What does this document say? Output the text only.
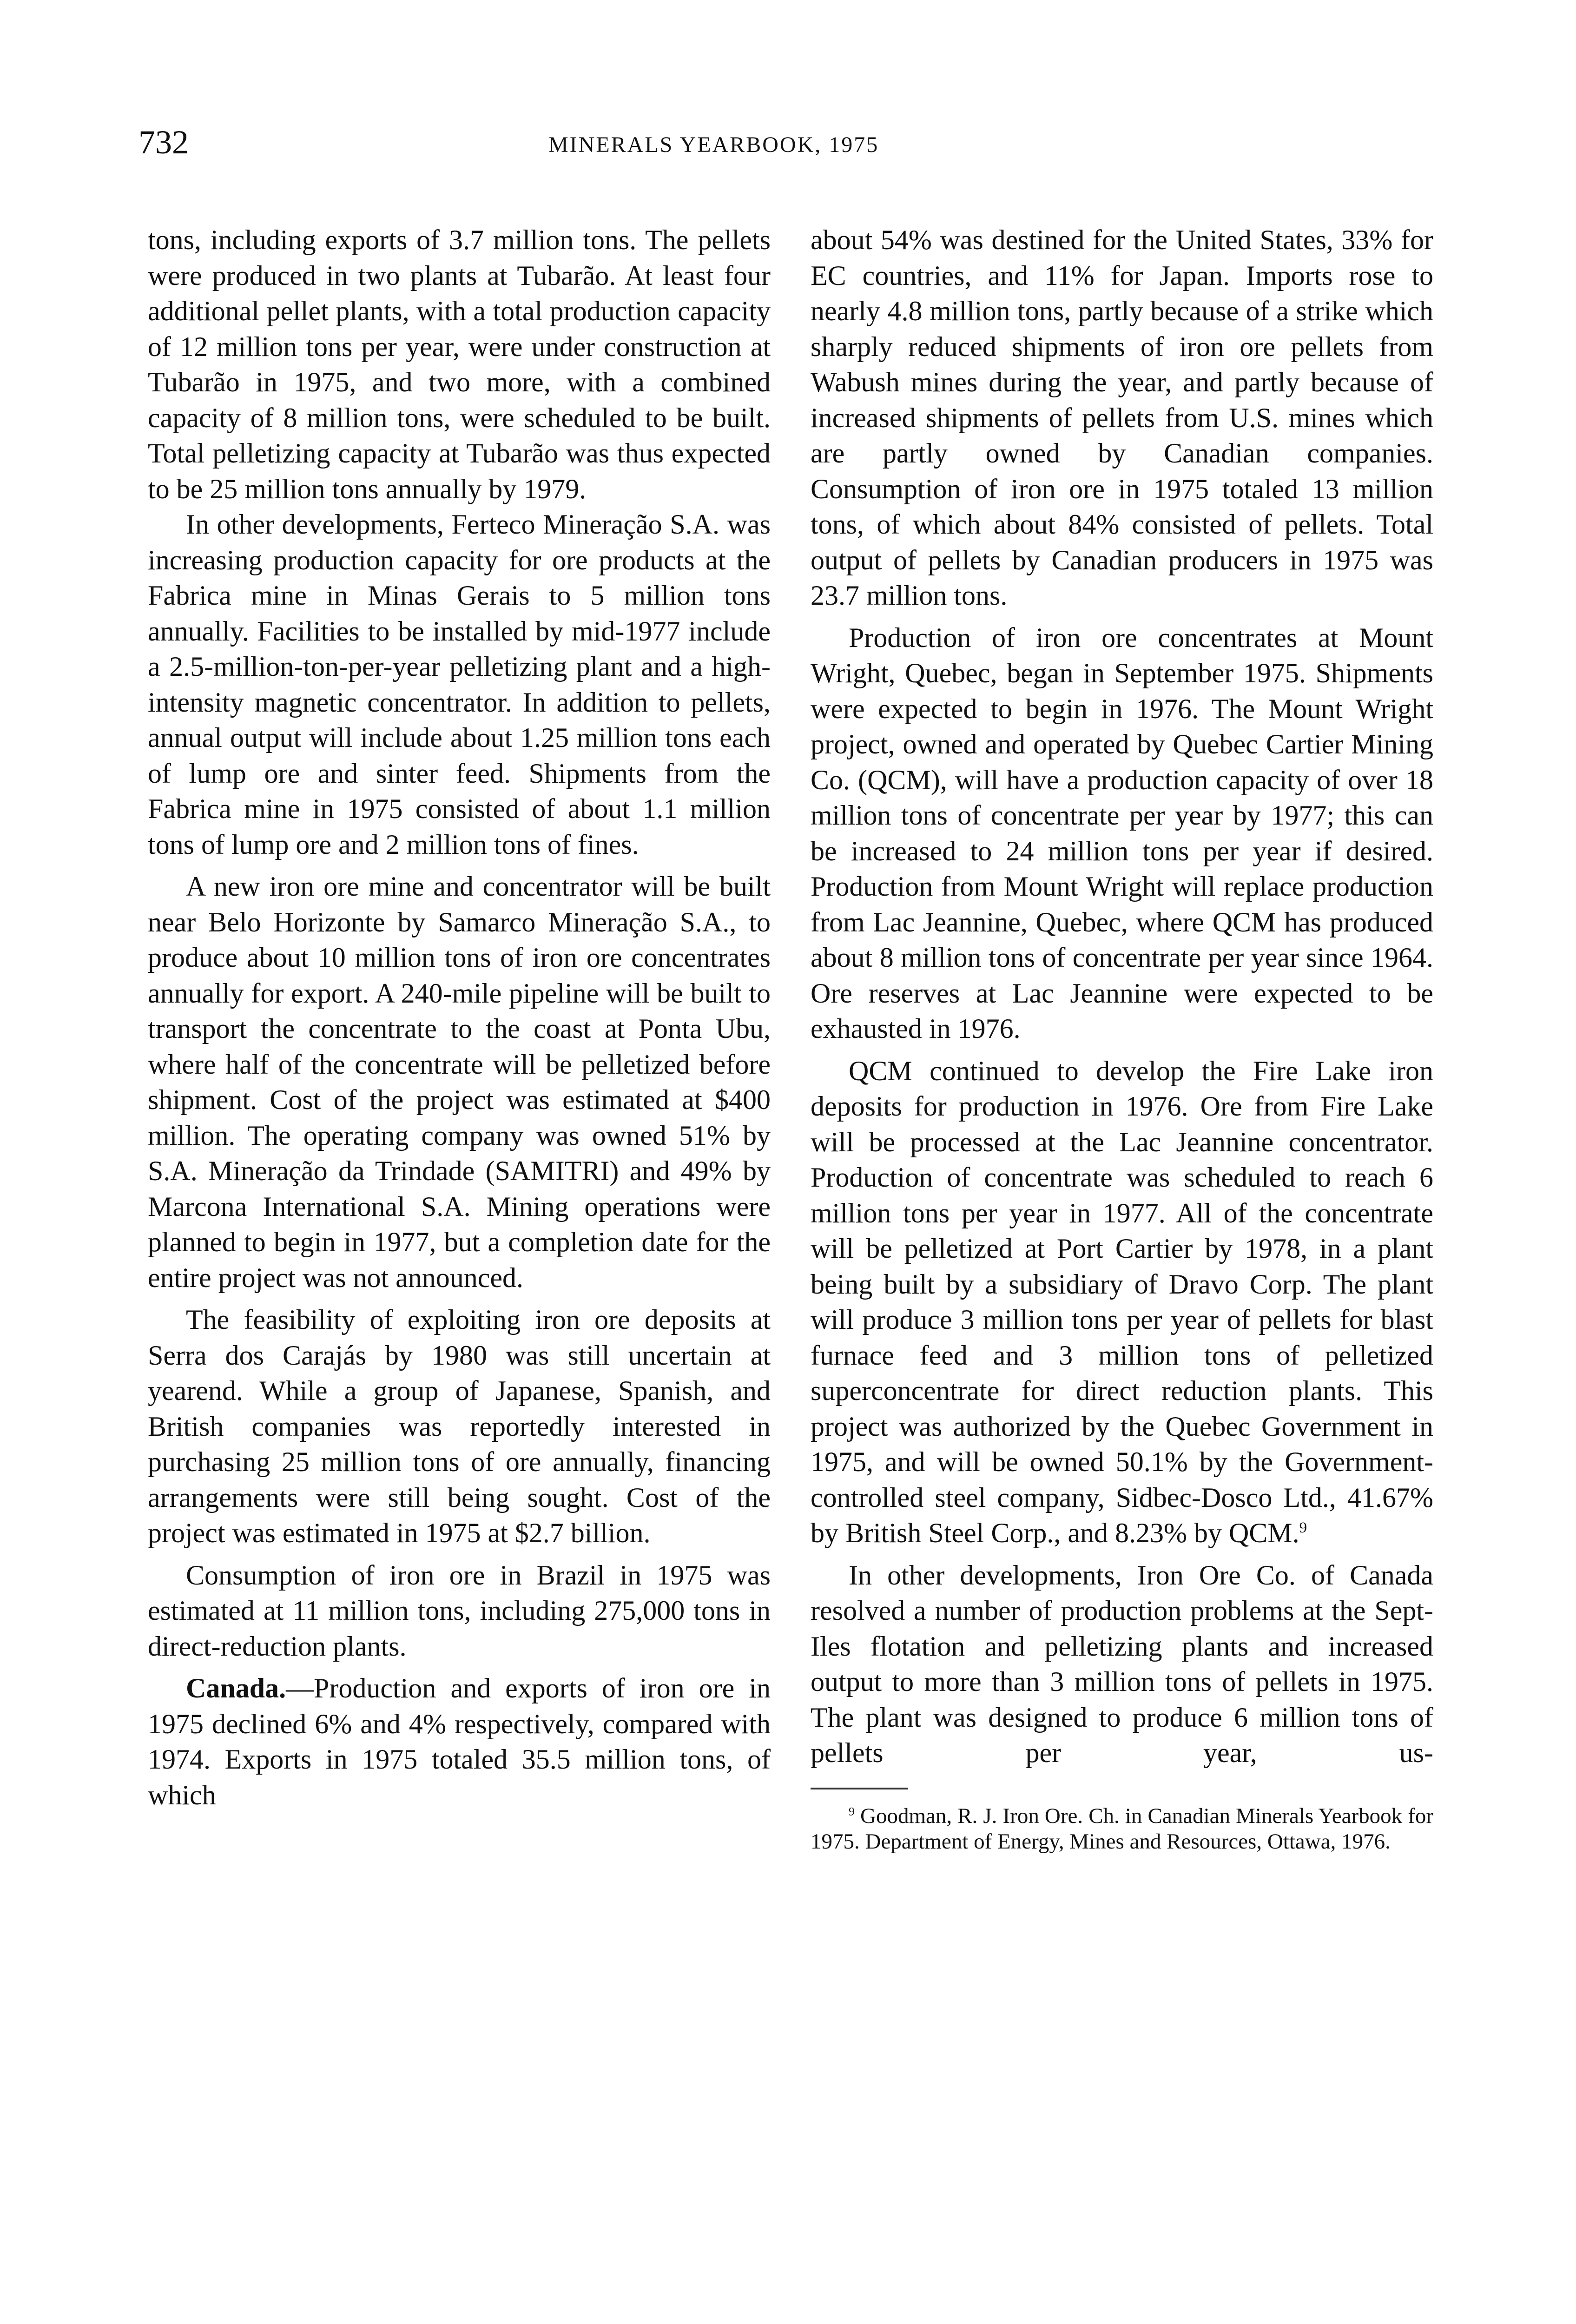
732	MINERALS YEARBOOK, 1975

tons, including exports of 3.7 million tons. The pellets were produced in two plants at Tubarão. At least four additional pellet plants, with a total production capacity of 12 million tons per year, were under construction at Tubarão in 1975, and two more, with a combined capacity of 8 million tons, were scheduled to be built. Total pelletizing capacity at Tubarão was thus expected to be 25 million tons annually by 1979.

In other developments, Ferteco Mineração S.A. was increasing production capacity for ore products at the Fabrica mine in Minas Gerais to 5 million tons annually. Facilities to be installed by mid-1977 include a 2.5-million-ton-per-year pelletizing plant and a high-intensity magnetic concentrator. In addition to pellets, annual output will include about 1.25 million tons each of lump ore and sinter feed. Shipments from the Fabrica mine in 1975 consisted of about 1.1 million tons of lump ore and 2 million tons of fines.

A new iron ore mine and concentrator will be built near Belo Horizonte by Samarco Mineração S.A., to produce about 10 million tons of iron ore concentrates annually for export. A 240-mile pipeline will be built to transport the concentrate to the coast at Ponta Ubu, where half of the concentrate will be pelletized before shipment. Cost of the project was estimated at $400 million. The operating company was owned 51% by S.A. Mineração da Trindade (SAMITRI) and 49% by Marcona International S.A. Mining operations were planned to begin in 1977, but a completion date for the entire project was not announced.

The feasibility of exploiting iron ore deposits at Serra dos Carajás by 1980 was still uncertain at yearend. While a group of Japanese, Spanish, and British companies was reportedly interested in purchasing 25 million tons of ore annually, financing arrangements were still being sought. Cost of the project was estimated in 1975 at $2.7 billion.

Consumption of iron ore in Brazil in 1975 was estimated at 11 million tons, including 275,000 tons in direct-reduction plants.

Canada.—Production and exports of iron ore in 1975 declined 6% and 4% respectively, compared with 1974. Exports in 1975 totaled 35.5 million tons, of which

about 54% was destined for the United States, 33% for EC countries, and 11% for Japan. Imports rose to nearly 4.8 million tons, partly because of a strike which sharply reduced shipments of iron ore pellets from Wabush mines during the year, and partly because of increased shipments of pellets from U.S. mines which are partly owned by Canadian companies. Consumption of iron ore in 1975 totaled 13 million tons, of which about 84% consisted of pellets. Total output of pellets by Canadian producers in 1975 was 23.7 million tons.

Production of iron ore concentrates at Mount Wright, Quebec, began in September 1975. Shipments were expected to begin in 1976. The Mount Wright project, owned and operated by Quebec Cartier Mining Co. (QCM), will have a production capacity of over 18 million tons of concentrate per year by 1977; this can be increased to 24 million tons per year if desired. Production from Mount Wright will replace production from Lac Jeannine, Quebec, where QCM has produced about 8 million tons of concentrate per year since 1964. Ore reserves at Lac Jeannine were expected to be exhausted in 1976.

QCM continued to develop the Fire Lake iron deposits for production in 1976. Ore from Fire Lake will be processed at the Lac Jeannine concentrator. Production of concentrate was scheduled to reach 6 million tons per year in 1977. All of the concentrate will be pelletized at Port Cartier by 1978, in a plant being built by a subsidiary of Dravo Corp. The plant will produce 3 million tons per year of pellets for blast furnace feed and 3 million tons of pelletized superconcentrate for direct reduction plants. This project was authorized by the Quebec Government in 1975, and will be owned 50.1% by the Government-controlled steel company, Sidbec-Dosco Ltd., 41.67% by British Steel Corp., and 8.23% by QCM.$^9$

In other developments, Iron Ore Co. of Canada resolved a number of production problems at the Sept-Iles flotation and pelletizing plants and increased output to more than 3 million tons of pellets in 1975. The plant was designed to produce 6 million tons of pellets per year, us-

$^9$ Goodman, R. J. Iron Ore. Ch. in Canadian Minerals Yearbook for 1975. Department of Energy, Mines and Resources, Ottawa, 1976.
